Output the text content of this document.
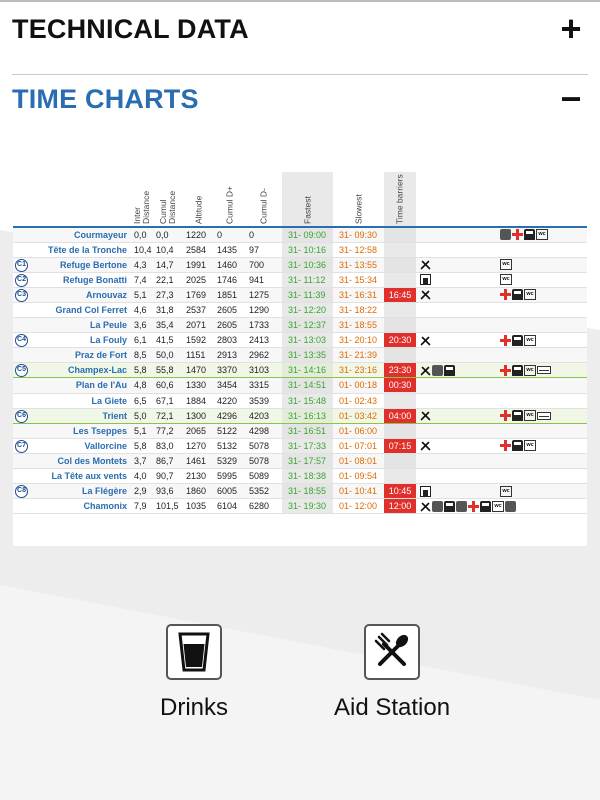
TECHNICAL DATA	+
TIME CHARTS	−

	Inter Distance	Cumul Distance	Altitude	Cumul D+	Cumul D-	Fastest	Slowest	Time barriers	

Courmayeur	0,0	0,0	1220	0	0	31- 09:00	31- 09:30		wc
Tête de la Tronche	10,4	10,4	2584	1435	97	31- 10:16	31- 12:58		

C1 Refuge Bertone	4,3	14,7	1991	1460	700	31- 10:36	31- 13:55		wc

C2 Refuge Bonatti	7,4	22,1	2025	1746	941	31- 11:12	31- 15:34		wc

C3 Arnouvaz	5,1	27,3	1769	1851	1275	31- 11:39	31- 16:31	16:45	wc
Grand Col Ferret	4,6	31,8	2537	2605	1290	31- 12:20	31- 18:22		
La Peule	3,6	35,4	2071	2605	1733	31- 12:37	31- 18:55		

C4 La Fouly	6,1	41,5	1592	2803	2413	31- 13:03	31- 20:10	20:30	wc
Praz de Fort	8,5	50,0	1151	2913	2962	31- 13:35	31- 21:39		

C5 Champex-Lac	5,8	55,8	1470	3370	3103	31- 14:16	31- 23:16	23:30	wc
Plan de l'Au	4,8	60,6	1330	3454	3315	31- 14:51	01- 00:18	00:30	
La Giete	6,5	67,1	1884	4220	3539	31- 15:48	01- 02:43		

C6 Trient	5,0	72,1	1300	4296	4203	31- 16:13	01- 03:42	04:00	wc
Les Tseppes	5,1	77,2	2065	5122	4298	31- 16:51	01- 06:00		

C7 Vallorcine	5,8	83,0	1270	5132	5078	31- 17:33	01- 07:01	07:15	wc
Col des Montets	3,7	86,7	1461	5329	5078	31- 17:57	01- 08:01		
La Tête aux vents	4,0	90,7	2130	5995	5089	31- 18:38	01- 09:54		

C8 La Flégère	2,9	93,6	1860	6005	5352	31- 18:55	01- 10:41	10:45	wc
Chamonix	7,9	101,5	1035	6104	6280	31- 19:30	01- 12:00	12:00	wc
Drinks	Aid Station
